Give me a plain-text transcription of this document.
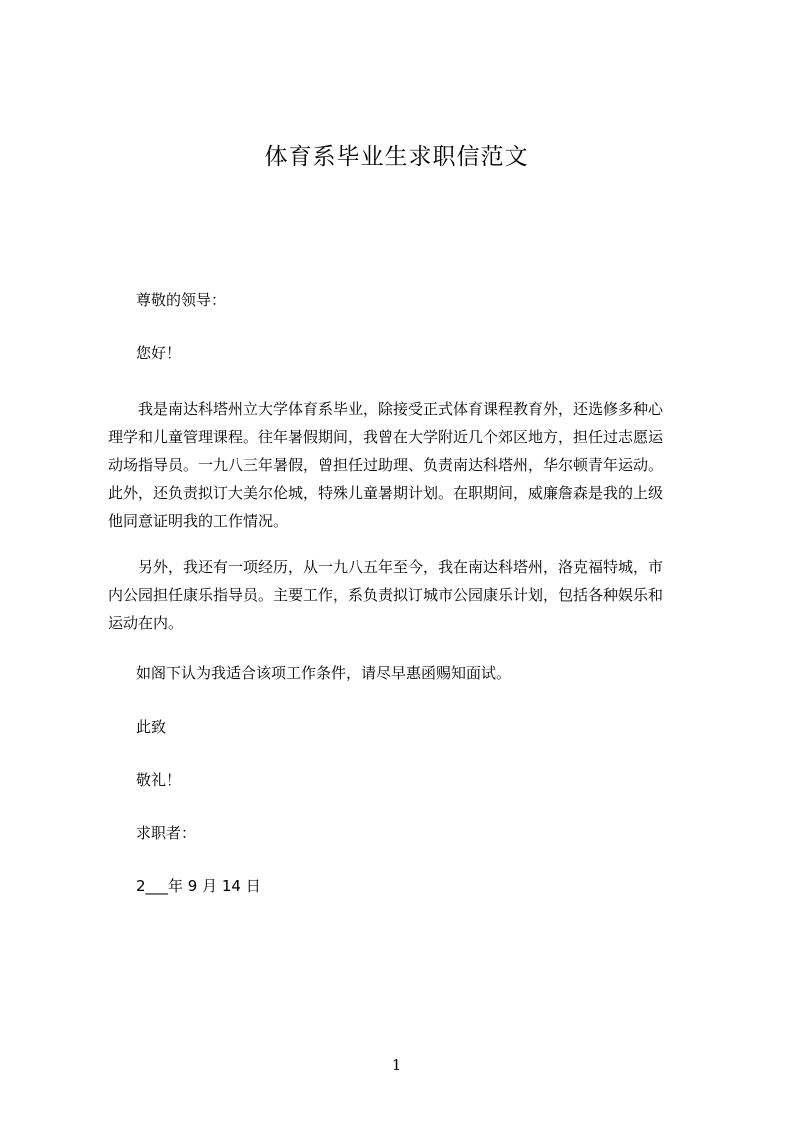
体育系毕业生求职信范文
尊敬的领导：
您好！
我是南达科塔州立大学体育系毕业，除接受正式体育课程教育外，还选修多种心
理学和儿童管理课程。往年暑假期间，我曾在大学附近几个郊区地方，担任过志愿运
动场指导员。一九八三年暑假，曾担任过助理、负责南达科塔州，华尔顿青年运动。
此外，还负责拟订大美尔伦城，特殊儿童暑期计划。在职期间，威廉詹森是我的上级
他同意证明我的工作情况。
另外，我还有一项经历，从一九八五年至今，我在南达科塔州，洛克福特城，市
内公园担任康乐指导员。主要工作，系负责拟订城市公园康乐计划，包括各种娱乐和
运动在内。
如阁下认为我适合该项工作条件，请尽早惠函赐知面试。
此致
敬礼！
求职者：
2___年 9 月 14 日
1
